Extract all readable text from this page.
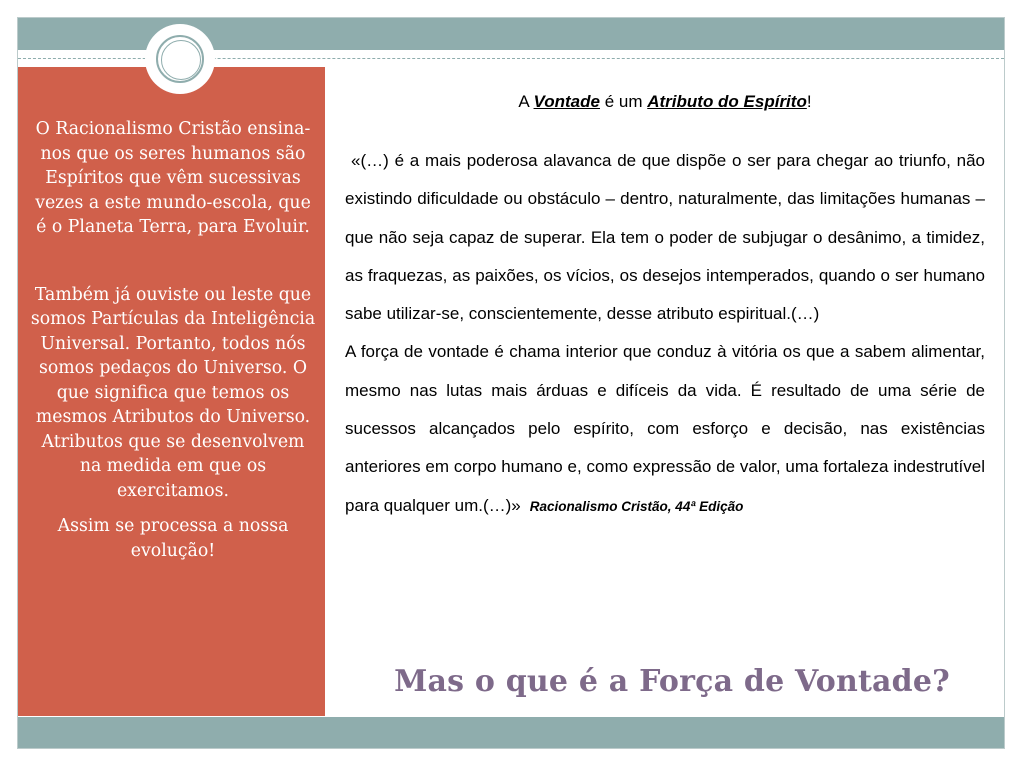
O Racionalismo Cristão ensina-nos que os seres humanos são Espíritos que vêm sucessivas vezes a este mundo-escola, que é o Planeta Terra, para Evoluir.

Também já ouviste ou leste que somos Partículas da Inteligência Universal. Portanto, todos nós somos pedaços do Universo. O que significa que temos os mesmos Atributos do Universo. Atributos que se desenvolvem na medida em que os exercitamos.

Assim se processa a nossa evolução!

A Vontade é um Atributo do Espírito!

«(…) é a mais poderosa alavanca de que dispõe o ser para chegar ao triunfo, não existindo dificuldade ou obstáculo – dentro, naturalmente, das limitações humanas – que não seja capaz de superar. Ela tem o poder de subjugar o desânimo, a timidez, as fraquezas, as paixões, os vícios, os desejos intemperados, quando o ser humano sabe utilizar-se, conscientemente, desse atributo espiritual.(…)

A força de vontade é chama interior que conduz à vitória os que a sabem alimentar, mesmo nas lutas mais árduas e difíceis da vida. É resultado de uma série de sucessos alcançados pelo espírito, com esforço e decisão, nas existências anteriores em corpo humano e, como expressão de valor, uma fortaleza indestrutível para qualquer um.(…)» Racionalismo Cristão, 44ª Edição

Mas o que é a Força de Vontade?
